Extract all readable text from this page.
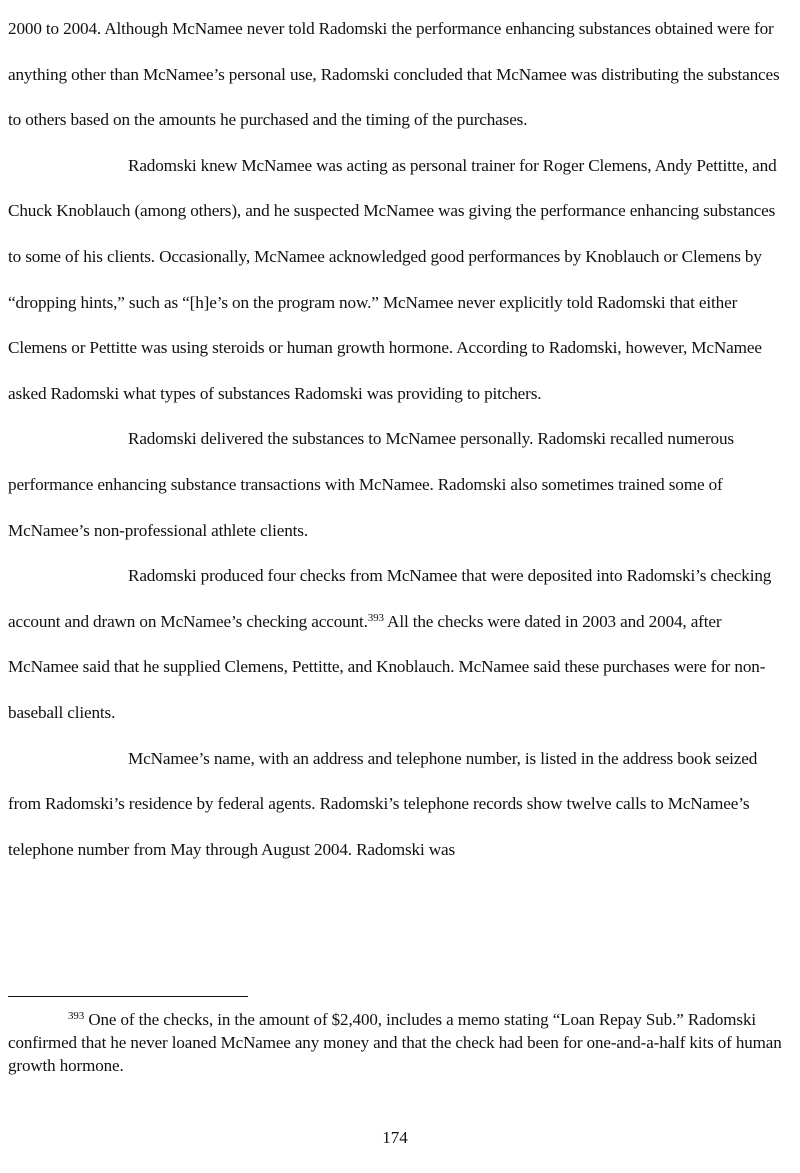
2000 to 2004. Although McNamee never told Radomski the performance enhancing substances obtained were for anything other than McNamee’s personal use, Radomski concluded that McNamee was distributing the substances to others based on the amounts he purchased and the timing of the purchases.

Radomski knew McNamee was acting as personal trainer for Roger Clemens, Andy Pettitte, and Chuck Knoblauch (among others), and he suspected McNamee was giving the performance enhancing substances to some of his clients. Occasionally, McNamee acknowledged good performances by Knoblauch or Clemens by “dropping hints,” such as “[h]e’s on the program now.” McNamee never explicitly told Radomski that either Clemens or Pettitte was using steroids or human growth hormone. According to Radomski, however, McNamee asked Radomski what types of substances Radomski was providing to pitchers.

Radomski delivered the substances to McNamee personally. Radomski recalled numerous performance enhancing substance transactions with McNamee. Radomski also sometimes trained some of McNamee’s non-professional athlete clients.

Radomski produced four checks from McNamee that were deposited into Radomski’s checking account and drawn on McNamee’s checking account.$^{393}$ All the checks were dated in 2003 and 2004, after McNamee said that he supplied Clemens, Pettitte, and Knoblauch. McNamee said these purchases were for non-baseball clients.

McNamee’s name, with an address and telephone number, is listed in the address book seized from Radomski’s residence by federal agents. Radomski’s telephone records show twelve calls to McNamee’s telephone number from May through August 2004. Radomski was

$^{393}$ One of the checks, in the amount of $2,400, includes a memo stating “Loan Repay Sub.” Radomski confirmed that he never loaned McNamee any money and that the check had been for one-and-a-half kits of human growth hormone.

174
